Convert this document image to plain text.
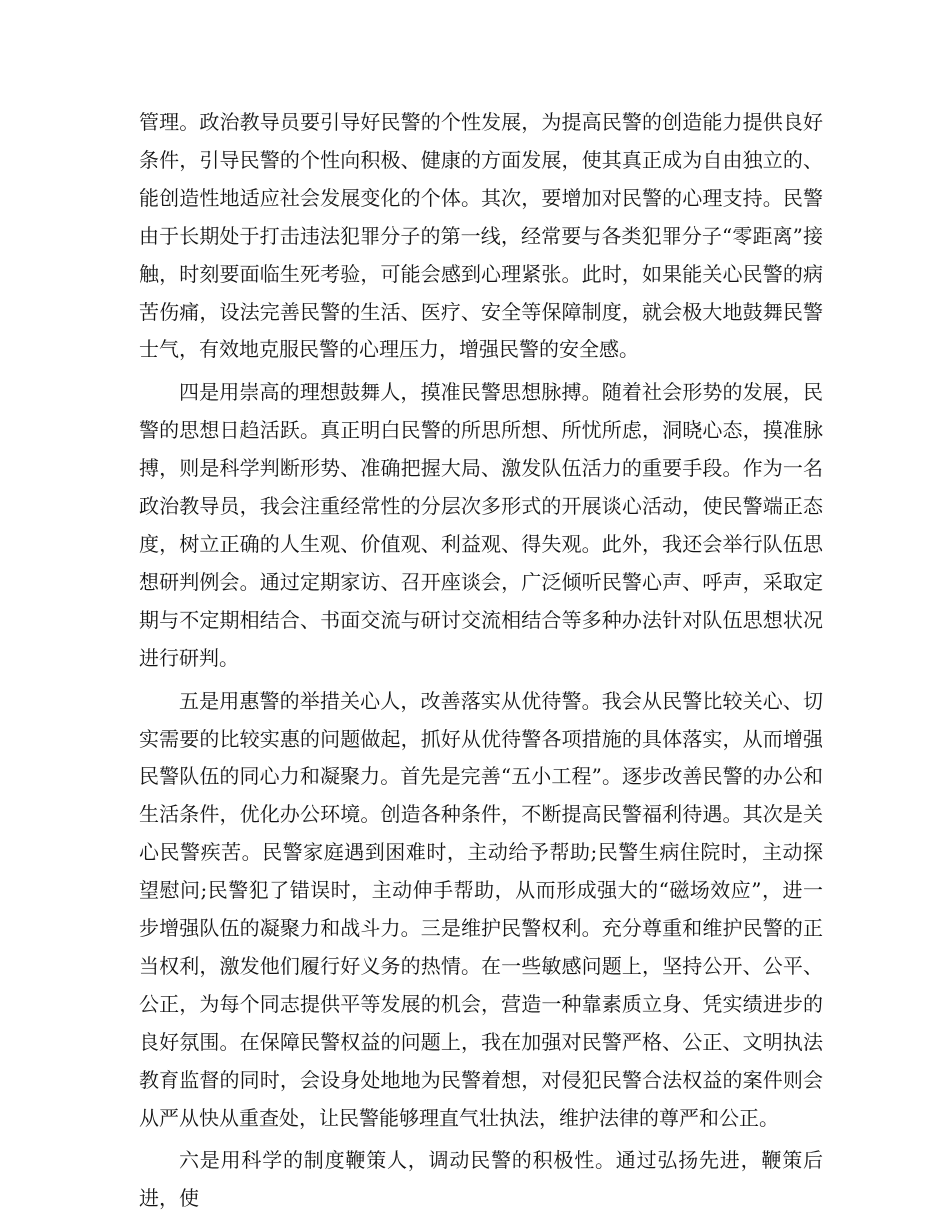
管理。政治教导员要引导好民警的个性发展，为提高民警的创造能力提供良好条件，引导民警的个性向积极、健康的方面发展，使其真正成为自由独立的、能创造性地适应社会发展变化的个体。其次，要增加对民警的心理支持。民警由于长期处于打击违法犯罪分子的第一线，经常要与各类犯罪分子“零距离”接触，时刻要面临生死考验，可能会感到心理紧张。此时，如果能关心民警的病苦伤痛，设法完善民警的生活、医疗、安全等保障制度，就会极大地鼓舞民警士气，有效地克服民警的心理压力，增强民警的安全感。

四是用崇高的理想鼓舞人，摸准民警思想脉搏。随着社会形势的发展，民警的思想日趋活跃。真正明白民警的所思所想、所忧所虑，洞晓心态，摸准脉搏，则是科学判断形势、准确把握大局、激发队伍活力的重要手段。作为一名政治教导员，我会注重经常性的分层次多形式的开展谈心活动，使民警端正态度，树立正确的人生观、价值观、利益观、得失观。此外，我还会举行队伍思想研判例会。通过定期家访、召开座谈会，广泛倾听民警心声、呼声，采取定期与不定期相结合、书面交流与研讨交流相结合等多种办法针对队伍思想状况进行研判。

五是用惠警的举措关心人，改善落实从优待警。我会从民警比较关心、切实需要的比较实惠的问题做起，抓好从优待警各项措施的具体落实，从而增强民警队伍的同心力和凝聚力。首先是完善“五小工程”。逐步改善民警的办公和生活条件，优化办公环境。创造各种条件，不断提高民警福利待遇。其次是关心民警疾苦。民警家庭遇到困难时，主动给予帮助;民警生病住院时，主动探望慰问;民警犯了错误时，主动伸手帮助，从而形成强大的“磁场效应”，进一步增强队伍的凝聚力和战斗力。三是维护民警权利。充分尊重和维护民警的正当权利，激发他们履行好义务的热情。在一些敏感问题上，坚持公开、公平、公正，为每个同志提供平等发展的机会，营造一种靠素质立身、凭实绩进步的良好氛围。在保障民警权益的问题上，我在加强对民警严格、公正、文明执法教育监督的同时，会设身处地地为民警着想，对侵犯民警合法权益的案件则会从严从快从重查处，让民警能够理直气壮执法，维护法律的尊严和公正。

六是用科学的制度鞭策人，调动民警的积极性。通过弘扬先进，鞭策后进，使
